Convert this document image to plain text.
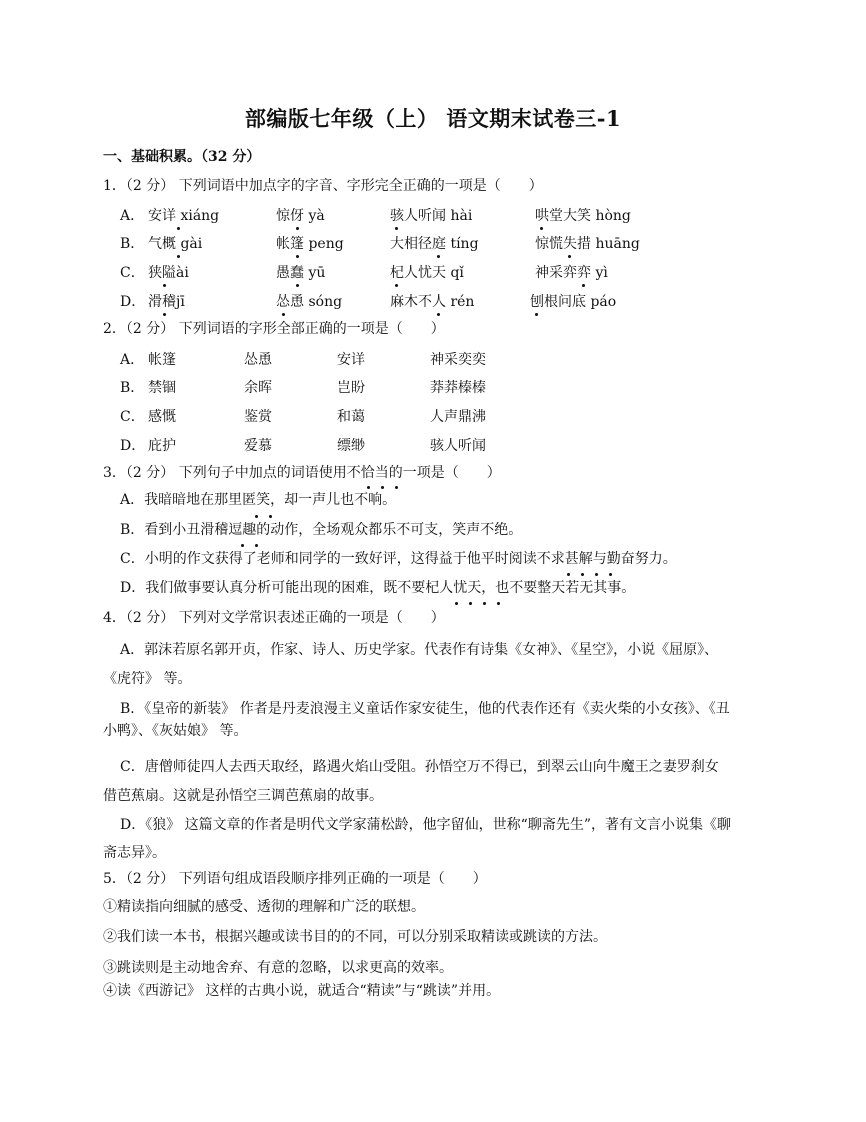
部编版七年级（上） 语文期末试卷三-1
一、基础积累。（32 分）
1．（2 分） 下列词语中加点字的字音、字形完全正确的一项是（　　）
A． 安详 xiáng	惊伢 yà	骇人听闻 hài	哄堂大笑 hòng
B． 气概 gài	帐篷 peng	大相径庭 tíng	惊慌失措 huāng
C． 狭隘ài	愚蠢 yū	杞人忧天 qǐ	神采弈弈 yì
D． 滑稽jī	怂恿 sóng	麻木不人 rén	刨根问底 páo
2．（2 分） 下列词语的字形全部正确的一项是（　　）
A． 帐篷	怂恿	安详	神采奕奕
B． 禁锢	余晖	岂盼	莽莽榛榛
C． 感慨	鉴赏	和蔼	人声鼎沸
D． 庇护	爱慕	缥缈	骇人听闻
3．（2 分） 下列句子中加点的词语使用不恰当的一项是（　　）
A．我暗暗地在那里匿笑，却一声儿也不响。
B．看到小丑滑稽逗趣的动作，全场观众都乐不可支，笑声不绝。
C．小明的作文获得了老师和同学的一致好评，这得益于他平时阅读不求甚解与勤奋努力。
D．我们做事要认真分析可能出现的困难，既不要杞人忧天，也不要整天若无其事。
4．（2 分） 下列对文学常识表述正确的一项是（　　）
A．郭沫若原名郭开贞，作家、诗人、历史学家。代表作有诗集《女神》、《星空》，小说《屈原》、
《虎符》 等。
B．《皇帝的新装》 作者是丹麦浪漫主义童话作家安徒生，他的代表作还有《卖火柴的小女孩》、《丑
小鸭》、《灰姑娘》 等。
C．唐僧师徒四人去西天取经，路遇火焰山受阻。孙悟空万不得已，到翠云山向牛魔王之妻罗刹女
借芭蕉扇。这就是孙悟空三调芭蕉扇的故事。
D．《狼》 这篇文章的作者是明代文学家蒲松龄，他字留仙，世称“聊斋先生”，著有文言小说集《聊
斋志异》。
5．（2 分） 下列语句组成语段顺序排列正确的一项是（　　）
①精读指向细腻的感受、透彻的理解和广泛的联想。
②我们读一本书，根据兴趣或读书目的的不同，可以分别采取精读或跳读的方法。
③跳读则是主动地舍弃、有意的忽略，以求更高的效率。
④读《西游记》 这样的古典小说，就适合“精读”与“跳读”并用。
